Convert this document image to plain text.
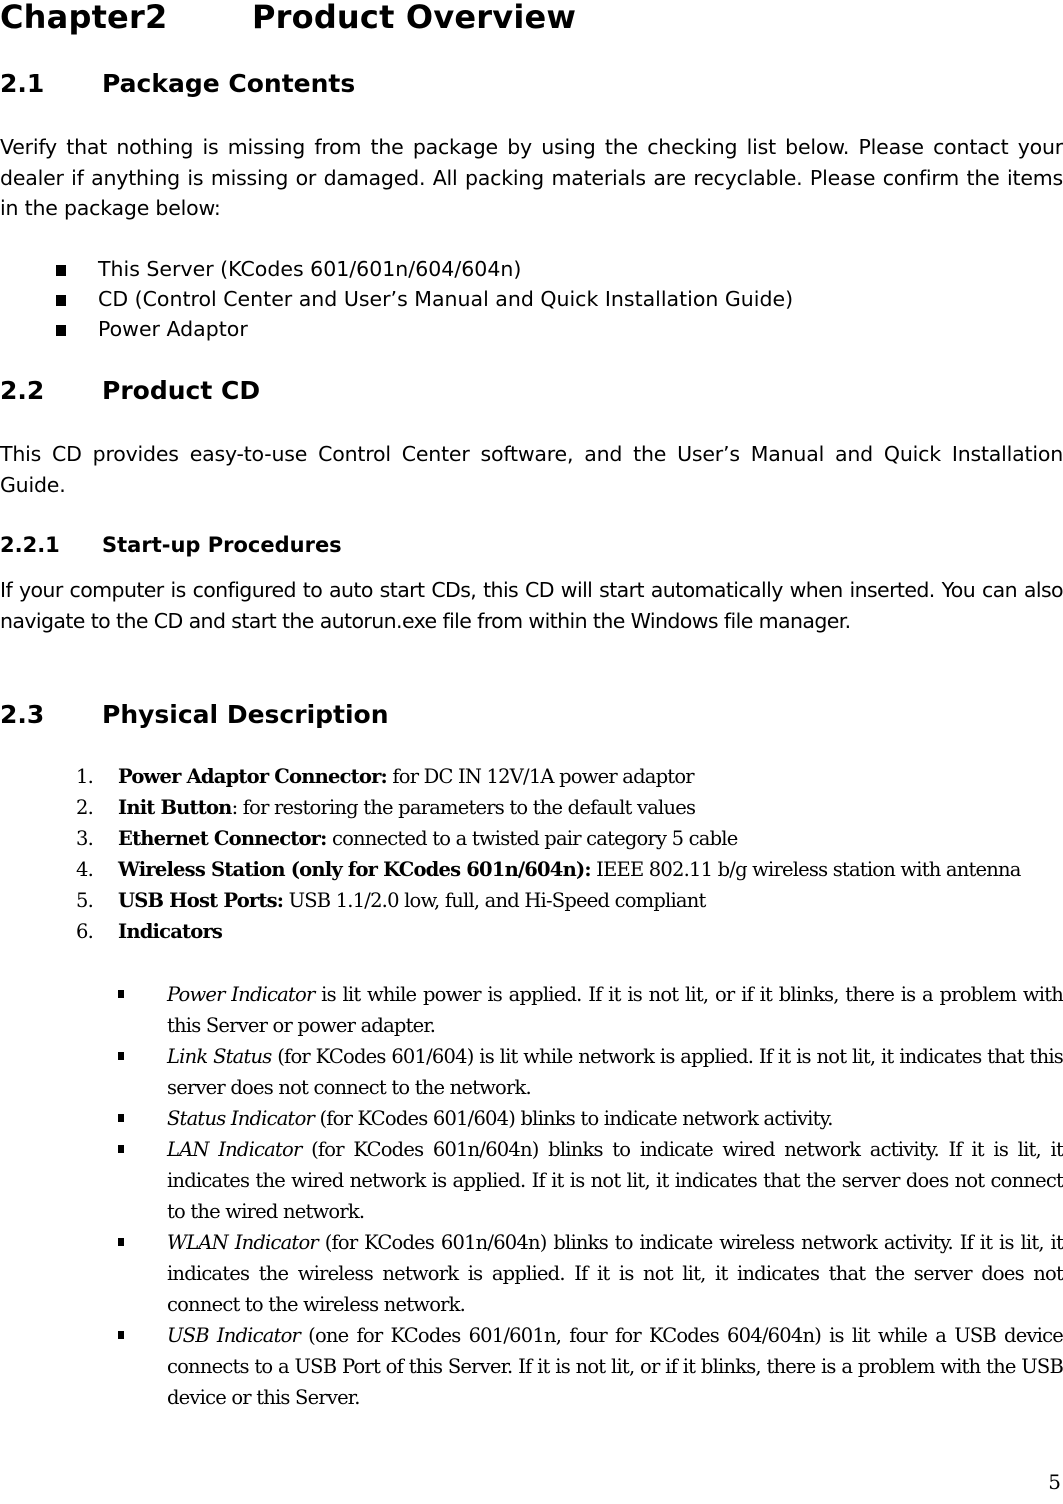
Chapter2	Product Overview
2.1 Package Contents
Verify that nothing is missing from the package by using the checking list below. Please contact your dealer if anything is missing or damaged. All packing materials are recyclable. Please confirm the items in the package below:
This Server (KCodes 601/601n/604/604n)
CD (Control Center and User’s Manual and Quick Installation Guide)
Power Adaptor
2.2 Product CD
This CD provides easy-to-use Control Center software, and the User’s Manual and Quick Installation Guide.
2.2.1 Start-up Procedures
If your computer is configured to auto start CDs, this CD will start automatically when inserted. You can also navigate to the CD and start the autorun.exe file from within the Windows file manager.
2.3 Physical Description
1. Power Adaptor Connector: for DC IN 12V/1A power adaptor
2. Init Button: for restoring the parameters to the default values
3. Ethernet Connector: connected to a twisted pair category 5 cable
4. Wireless Station (only for KCodes 601n/604n): IEEE 802.11 b/g wireless station with antenna
5. USB Host Ports: USB 1.1/2.0 low, full, and Hi-Speed compliant
6. Indicators
Power Indicator is lit while power is applied. If it is not lit, or if it blinks, there is a problem with this Server or power adapter.
Link Status (for KCodes 601/604) is lit while network is applied. If it is not lit, it indicates that this server does not connect to the network.
Status Indicator (for KCodes 601/604) blinks to indicate network activity.
LAN Indicator (for KCodes 601n/604n) blinks to indicate wired network activity. If it is lit, it indicates the wired network is applied. If it is not lit, it indicates that the server does not connect to the wired network.
WLAN Indicator (for KCodes 601n/604n) blinks to indicate wireless network activity. If it is lit, it indicates the wireless network is applied. If it is not lit, it indicates that the server does not connect to the wireless network.
USB Indicator (one for KCodes 601/601n, four for KCodes 604/604n) is lit while a USB device connects to a USB Port of this Server. If it is not lit, or if it blinks, there is a problem with the USB device or this Server.
5
